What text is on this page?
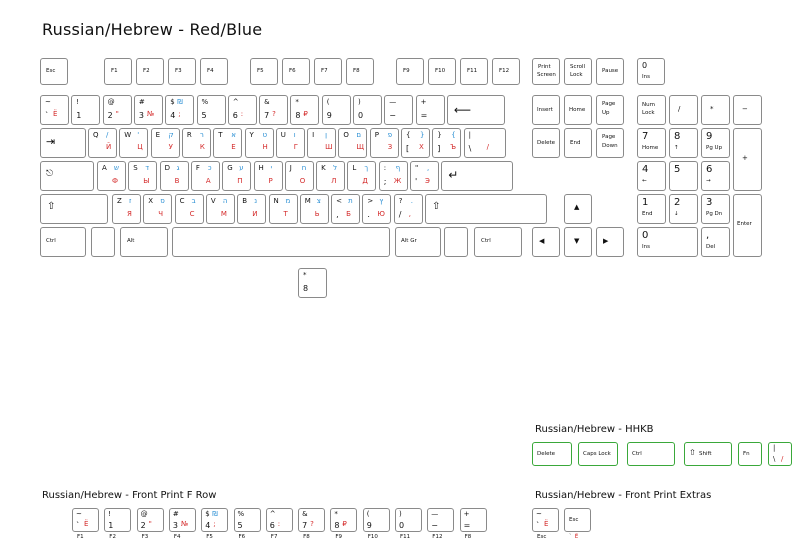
Russian/Hebrew - Red/Blue
Russian/Hebrew - HHKB
Russian/Hebrew - Front Print F Row	Russian/Hebrew - Front Print Extras
Esc	F1	F2	F3	F4	F5	F6	F7	F8	F9	F10	F11	F12
Print
Screen
Scroll
Lock
Pause
0
Ins
~
` Ё
!
1
@
2 "
#
3 №
$
4
₪
;
%
5
^
6 :
&
7 ?
*
8 ₽
(
9
)
0
—
−
+
= ⟵
⇥	Q /
Й
W '
Ц
E ק
У
R ר
К
T א
Е
Y ט
Н
U ו
Г
I ן
Ш
O ם
Щ
P פ
З
{
[
}
Х
}
]
{
Ъ
|
\ /
⎋
A ש
Ф
S ד
Ы
D ג
В
F כ
А
G ע
П
H י
Р
J ח
О
K ל
Л
L ך
Д
:
;
ף
Ж
"
'
,
Э ↵
⇧	Z ז
Я
X ס
Ч
C ב
С
V ה
М
B נ
И
N מ
Т
M צ
Ь
<
,
ת
Б
>
.
ץ
Ю
?
/
.
,
⇧
Ctrl	Alt	Alt Gr	Ctrl
Insert	Home
Page
Up
Delete	End
Page
Down
▲
◀	▼	▶
Num
Lock	/	*	−
+
7
Home
8
↑
9
Pg Up
4
←
5	6
→
1
End
2
↓
3
Pg Dn
0
Ins
,
Del
Enter
*
8
Delete	Caps Lock	Ctrl	⇧ Shift	Fn
|
\ /
~
` Ё
F1
!
1
F2
@
2 "
F3
#
3 №
F4
$
4
₪
;
F5
%
5
F6
^
6 :
F7
&
7 ?
F8
*
8 ₽
F9
(
9
F10
)
0
F11
—
−
F12
+
=
F8
~
` Ё
Esc
Esc
` Ё
